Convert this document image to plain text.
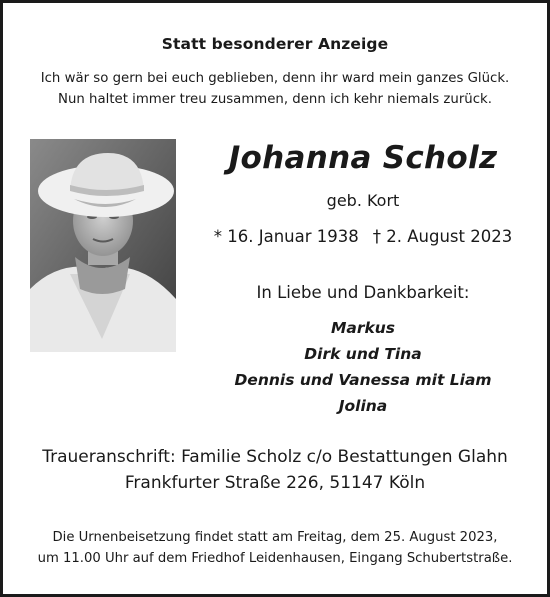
Statt besonderer Anzeige
Ich wär so gern bei euch geblieben, denn ihr ward mein ganzes Glück.
Nun haltet immer treu zusammen, denn ich kehr niemals zurück.
Johanna Scholz
geb. Kort
* 16. Januar 1938 † 2. August 2023
In Liebe und Dankbarkeit:
Markus
Dirk und Tina
Dennis und Vanessa mit Liam
Jolina
Traueranschrift: Familie Scholz c/o Bestattungen Glahn
Frankfurter Straße 226, 51147 Köln
Die Urnenbeisetzung findet statt am Freitag, dem 25. August 2023,
um 11.00 Uhr auf dem Friedhof Leidenhausen, Eingang Schubertstraße.
